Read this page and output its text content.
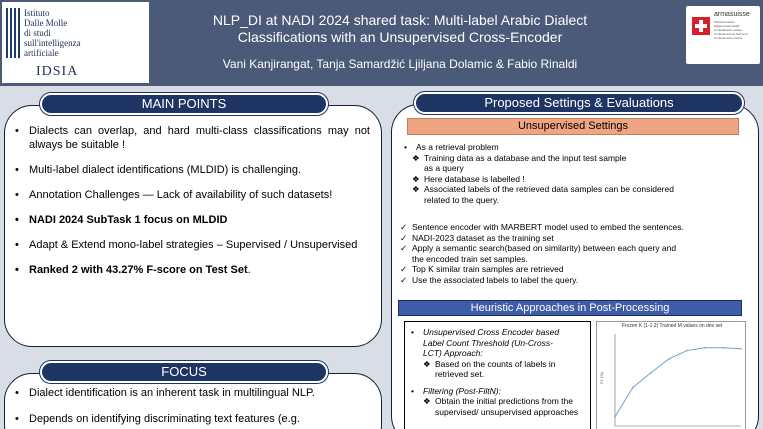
Istituto
Dalle Molle
di studi
sull'intelligenza
artificiale
IDSIA
NLP_DI at NADI 2024 shared task: Multi-label Arabic Dialect Classifications with an Unsupervised Cross-Encoder
Vani Kanjirangat, Tanja Samardžić Ljiljana Dolamic & Fabio Rinaldi
armasuisse
Schweizerische Eidgenossenschaft Confédération suisse Confederazione Svizzera Confederaziun svizra
• Dialects can overlap, and hard multi-class classifications may not always be suitable !
• Multi-label dialect identifications (MLDID) is challenging.
• Annotation Challenges — Lack of availability of such datasets!
• NADI 2024 SubTask 1 focus on MLDID
• Adapt & Extend mono-label strategies – Supervised / Unsupervised
• Ranked 2 with 43.27% F-score on Test Set.
MAIN POINTS
• Dialect identification is an inherent task in multilingual NLP.
• Depends on identifying discriminating text features (e.g.
FOCUS
Proposed Settings & Evaluations
Unsupervised Settings
• As a retrieval problem
❖ Training data as a database and the input test sample
as a query
❖ Here database is labelled !
❖ Associated labels of the retrieved data samples can be considered
related to the query.
✓ Sentence encoder with MARBERT model used to embed the sentences.
✓ NADI-2023 dataset as the training set
✓ Apply a semantic search(based on similarity) between each query and
the encoded train set samples.
✓ Top K similar train samples are retrieved
✓ Use the associated labels to label the query.
Heuristic Approaches in Post-Processing
• Unsupervised Cross Encoder based
Label Count Threshold (Un-Cross-
LCT) Approach:
❖ Based on the counts of labels in
retrieved set.
• Filtering (Post-FiltN):
❖ Obtain the initial predictions from the
supervised/ unsupervised approaches
Frozen K (1-1.2) Trained M values on dev set
F1 (%)
